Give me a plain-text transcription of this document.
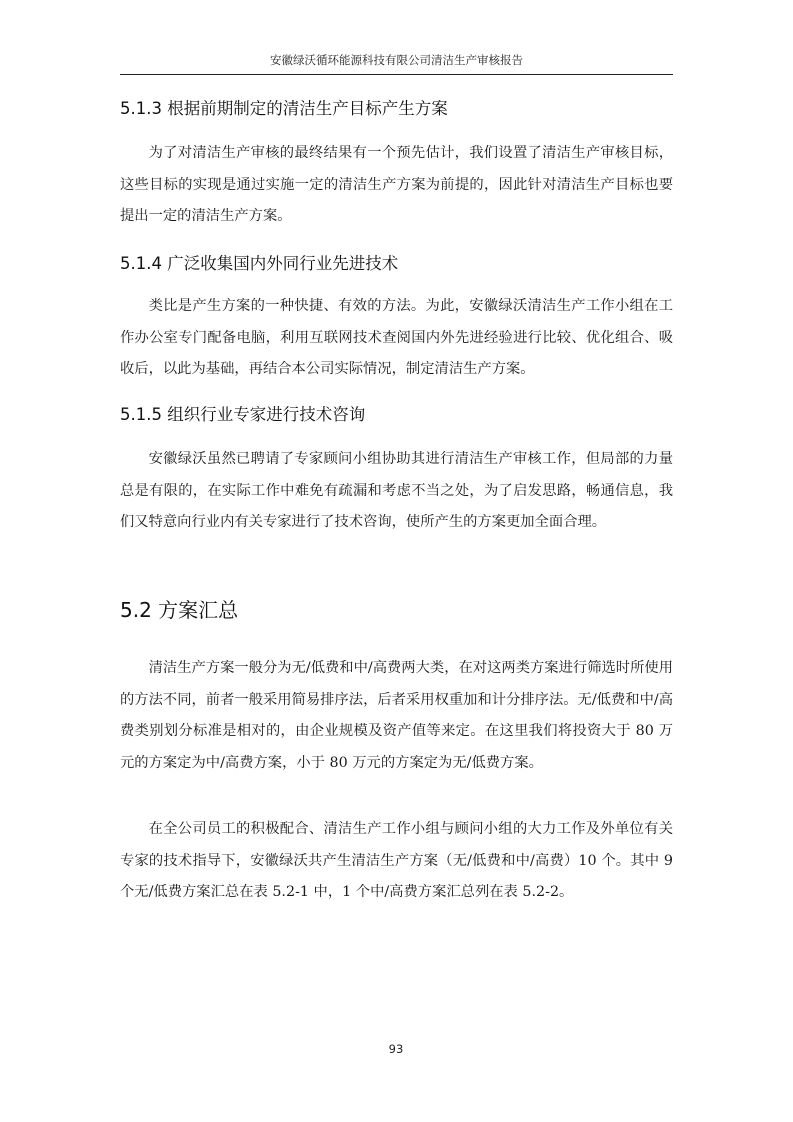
安徽绿沃循环能源科技有限公司清洁生产审核报告
5.1.3 根据前期制定的清洁生产目标产生方案

为了对清洁生产审核的最终结果有一个预先估计，我们设置了清洁生产审核目标，这些目标的实现是通过实施一定的清洁生产方案为前提的，因此针对清洁生产目标也要提出一定的清洁生产方案。

5.1.4 广泛收集国内外同行业先进技术

类比是产生方案的一种快捷、有效的方法。为此，安徽绿沃清洁生产工作小组在工作办公室专门配备电脑，利用互联网技术查阅国内外先进经验进行比较、优化组合、吸收后，以此为基础，再结合本公司实际情况，制定清洁生产方案。

5.1.5 组织行业专家进行技术咨询

安徽绿沃虽然已聘请了专家顾问小组协助其进行清洁生产审核工作，但局部的力量总是有限的，在实际工作中难免有疏漏和考虑不当之处，为了启发思路，畅通信息，我们又特意向行业内有关专家进行了技术咨询，使所产生的方案更加全面合理。

5.2 方案汇总

清洁生产方案一般分为无/低费和中/高费两大类，在对这两类方案进行筛选时所使用的方法不同，前者一般采用简易排序法，后者采用权重加和计分排序法。无/低费和中/高费类别划分标准是相对的，由企业规模及资产值等来定。在这里我们将投资大于 80 万元的方案定为中/高费方案，小于 80 万元的方案定为无/低费方案。

在全公司员工的积极配合、清洁生产工作小组与顾问小组的大力工作及外单位有关专家的技术指导下，安徽绿沃共产生清洁生产方案（无/低费和中/高费）10 个。其中 9 个无/低费方案汇总在表 5.2-1 中，1 个中/高费方案汇总列在表 5.2-2。

93
